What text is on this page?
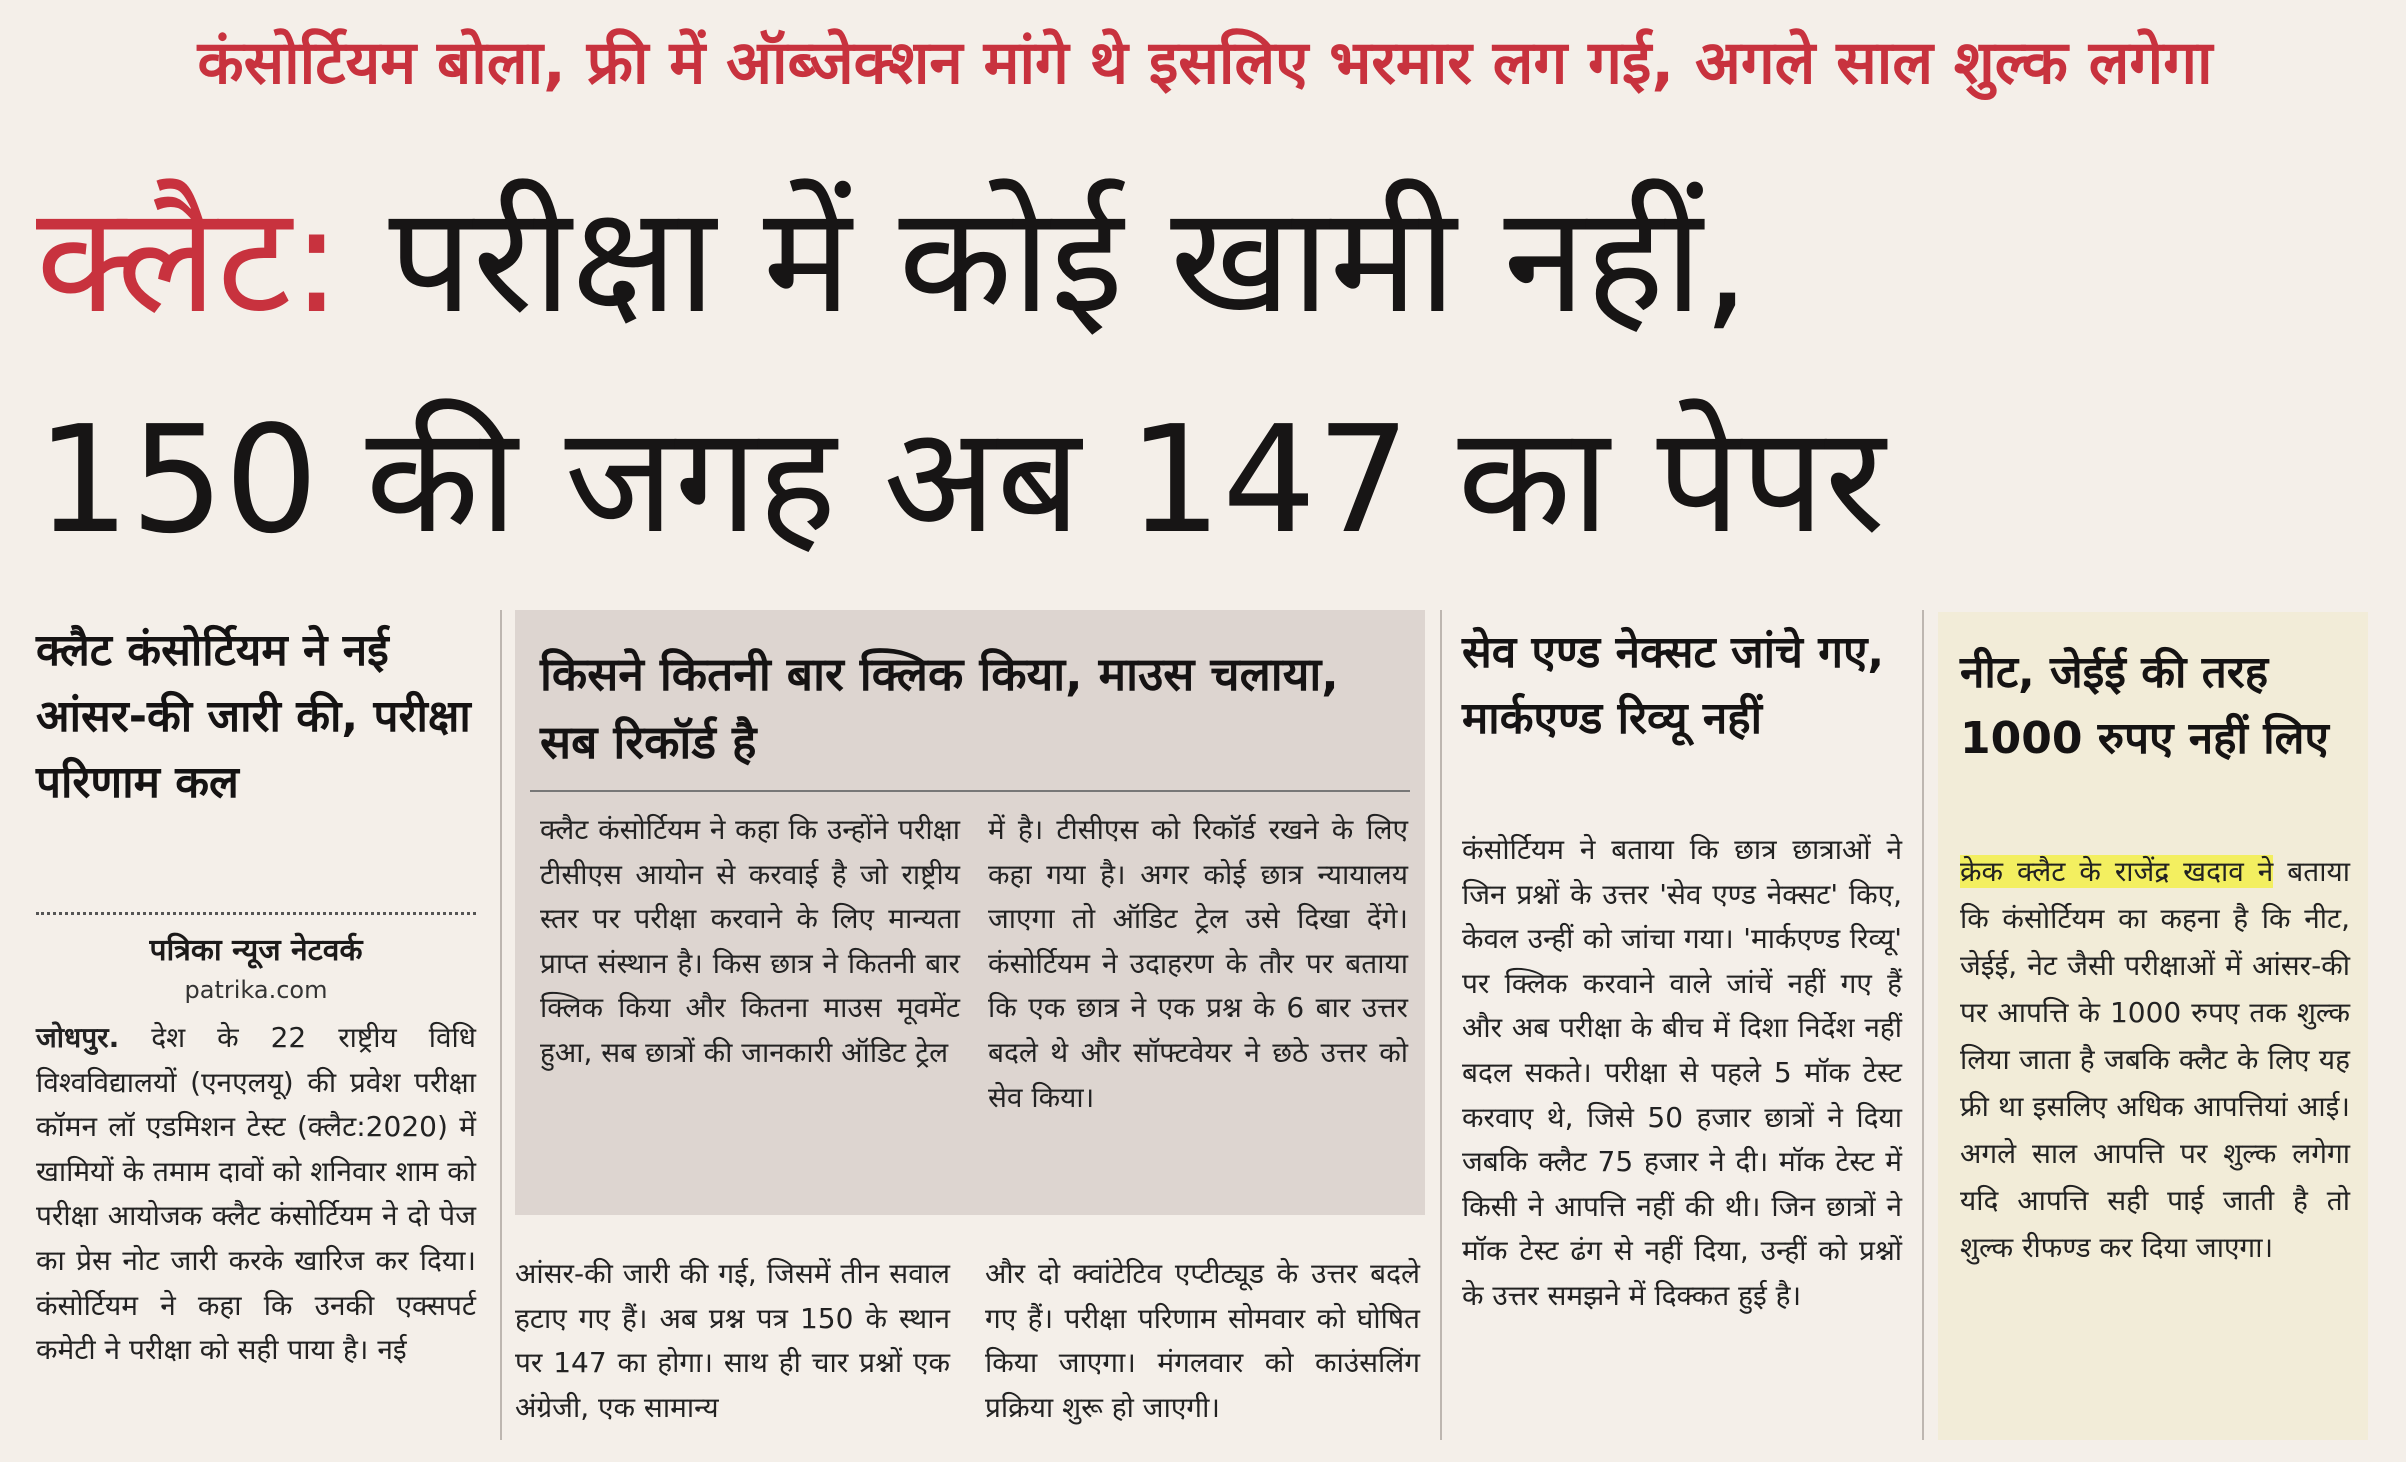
कंसोर्टियम बोला, फ्री में ऑब्जेक्शन मांगे थे इसलिए भरमार लग गई, अगले साल शुल्क लगेगा
क्लैट: परीक्षा में कोई खामी नहीं,
150 की जगह अब 147 का पेपर
क्लैट कंसोर्टियम ने नई आंसर-की जारी की, परीक्षा परिणाम कल
पत्रिका न्यूज नेटवर्क
patrika.com
जोधपुर. देश के 22 राष्ट्रीय विधि विश्वविद्यालयों (एनएलयू) की प्रवेश परीक्षा कॉमन लॉ एडमिशन टेस्ट (क्लैट:2020) में खामियों के तमाम दावों को शनिवार शाम को परीक्षा आयोजक क्लैट कंसोर्टियम ने दो पेज का प्रेस नोट जारी करके खारिज कर दिया। कंसोर्टियम ने कहा कि उनकी एक्सपर्ट कमेटी ने परीक्षा को सही पाया है। नई
किसने कितनी बार क्लिक किया, माउस चलाया, सब रिकॉर्ड है
क्लैट कंसोर्टियम ने कहा कि उन्होंने परीक्षा टीसीएस आयोन से करवाई है जो राष्ट्रीय स्तर पर परीक्षा करवाने के लिए मान्यता प्राप्त संस्थान है। किस छात्र ने कितनी बार क्लिक किया और कितना माउस मूवमेंट हुआ, सब छात्रों की जानकारी ऑडिट ट्रेल
में है। टीसीएस को रिकॉर्ड रखने के लिए कहा गया है। अगर कोई छात्र न्यायालय जाएगा तो ऑडिट ट्रेल उसे दिखा देंगे। कंसोर्टियम ने उदाहरण के तौर पर बताया कि एक छात्र ने एक प्रश्न के 6 बार उत्तर बदले थे और सॉफ्टवेयर ने छठे उत्तर को सेव किया।
आंसर-की जारी की गई, जिसमें तीन सवाल हटाए गए हैं। अब प्रश्न पत्र 150 के स्थान पर 147 का होगा। साथ ही चार प्रश्नों एक अंग्रेजी, एक सामान्य
और दो क्वांटेटिव एप्टीट्यूड के उत्तर बदले गए हैं। परीक्षा परिणाम सोमवार को घोषित किया जाएगा। मंगलवार को काउंसलिंग प्रक्रिया शुरू हो जाएगी।
सेव एण्ड नेक्सट जांचे गए, मार्कएण्ड रिव्यू नहीं
कंसोर्टियम ने बताया कि छात्र छात्राओं ने जिन प्रश्नों के उत्तर 'सेव एण्ड नेक्सट' किए, केवल उन्हीं को जांचा गया। 'मार्कएण्ड रिव्यू' पर क्लिक करवाने वाले जांचें नहीं गए हैं और अब परीक्षा के बीच में दिशा निर्देश नहीं बदल सकते। परीक्षा से पहले 5 मॉक टेस्ट करवाए थे, जिसे 50 हजार छात्रों ने दिया जबकि क्लैट 75 हजार ने दी। मॉक टेस्ट में किसी ने आपत्ति नहीं की थी। जिन छात्रों ने मॉक टेस्ट ढंग से नहीं दिया, उन्हीं को प्रश्नों के उत्तर समझने में दिक्कत हुई है।
नीट, जेईई की तरह 1000 रुपए नहीं लिए
क्रेक क्लैट के राजेंद्र खदाव ने बताया कि कंसोर्टियम का कहना है कि नीट, जेईई, नेट जैसी परीक्षाओं में आंसर-की पर आपत्ति के 1000 रुपए तक शुल्क लिया जाता है जबकि क्लैट के लिए यह फ्री था इसलिए अधिक आपत्तियां आई। अगले साल आपत्ति पर शुल्क लगेगा यदि आपत्ति सही पाई जाती है तो शुल्क रीफण्ड कर दिया जाएगा।
